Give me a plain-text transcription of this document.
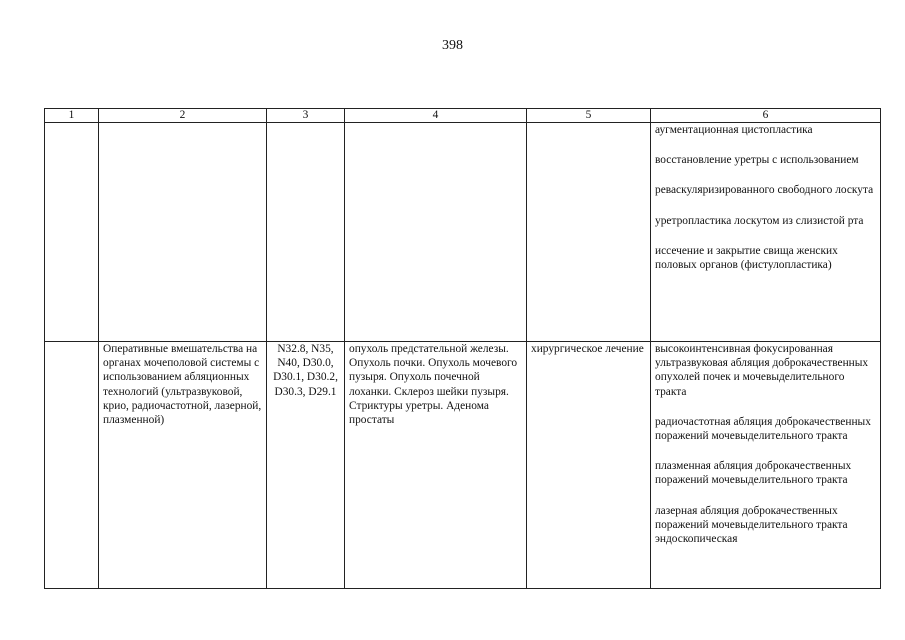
398
1	2	3	4	5	6

					аугментационная цистопластика
восстановление уретры с использованием
реваскуляризированного свободного лоскута
уретропластика лоскутом из слизистой рта
иссечение и закрытие свища женских половых органов (фистулопластика)

	Оперативные вмешательства на органах мочеполовой системы с использованием абляционных технологий (ультразвуковой, крио, радиочастотной, лазерной, плазменной)	N32.8, N35, N40, D30.0, D30.1, D30.2, D30.3, D29.1	опухоль предстательной железы. Опухоль почки. Опухоль мочевого пузыря. Опухоль почечной лоханки. Склероз шейки пузыря. Стриктуры уретры. Аденома простаты	хирургическое лечение	высокоинтенсивная фокусированная ультразвуковая абляция доброкачественных опухолей почек и мочевыделительного тракта
радиочастотная абляция доброкачественных поражений мочевыделительного тракта
плазменная абляция доброкачественных поражений мочевыделительного тракта
лазерная абляция доброкачественных поражений мочевыделительного тракта эндоскопическая
